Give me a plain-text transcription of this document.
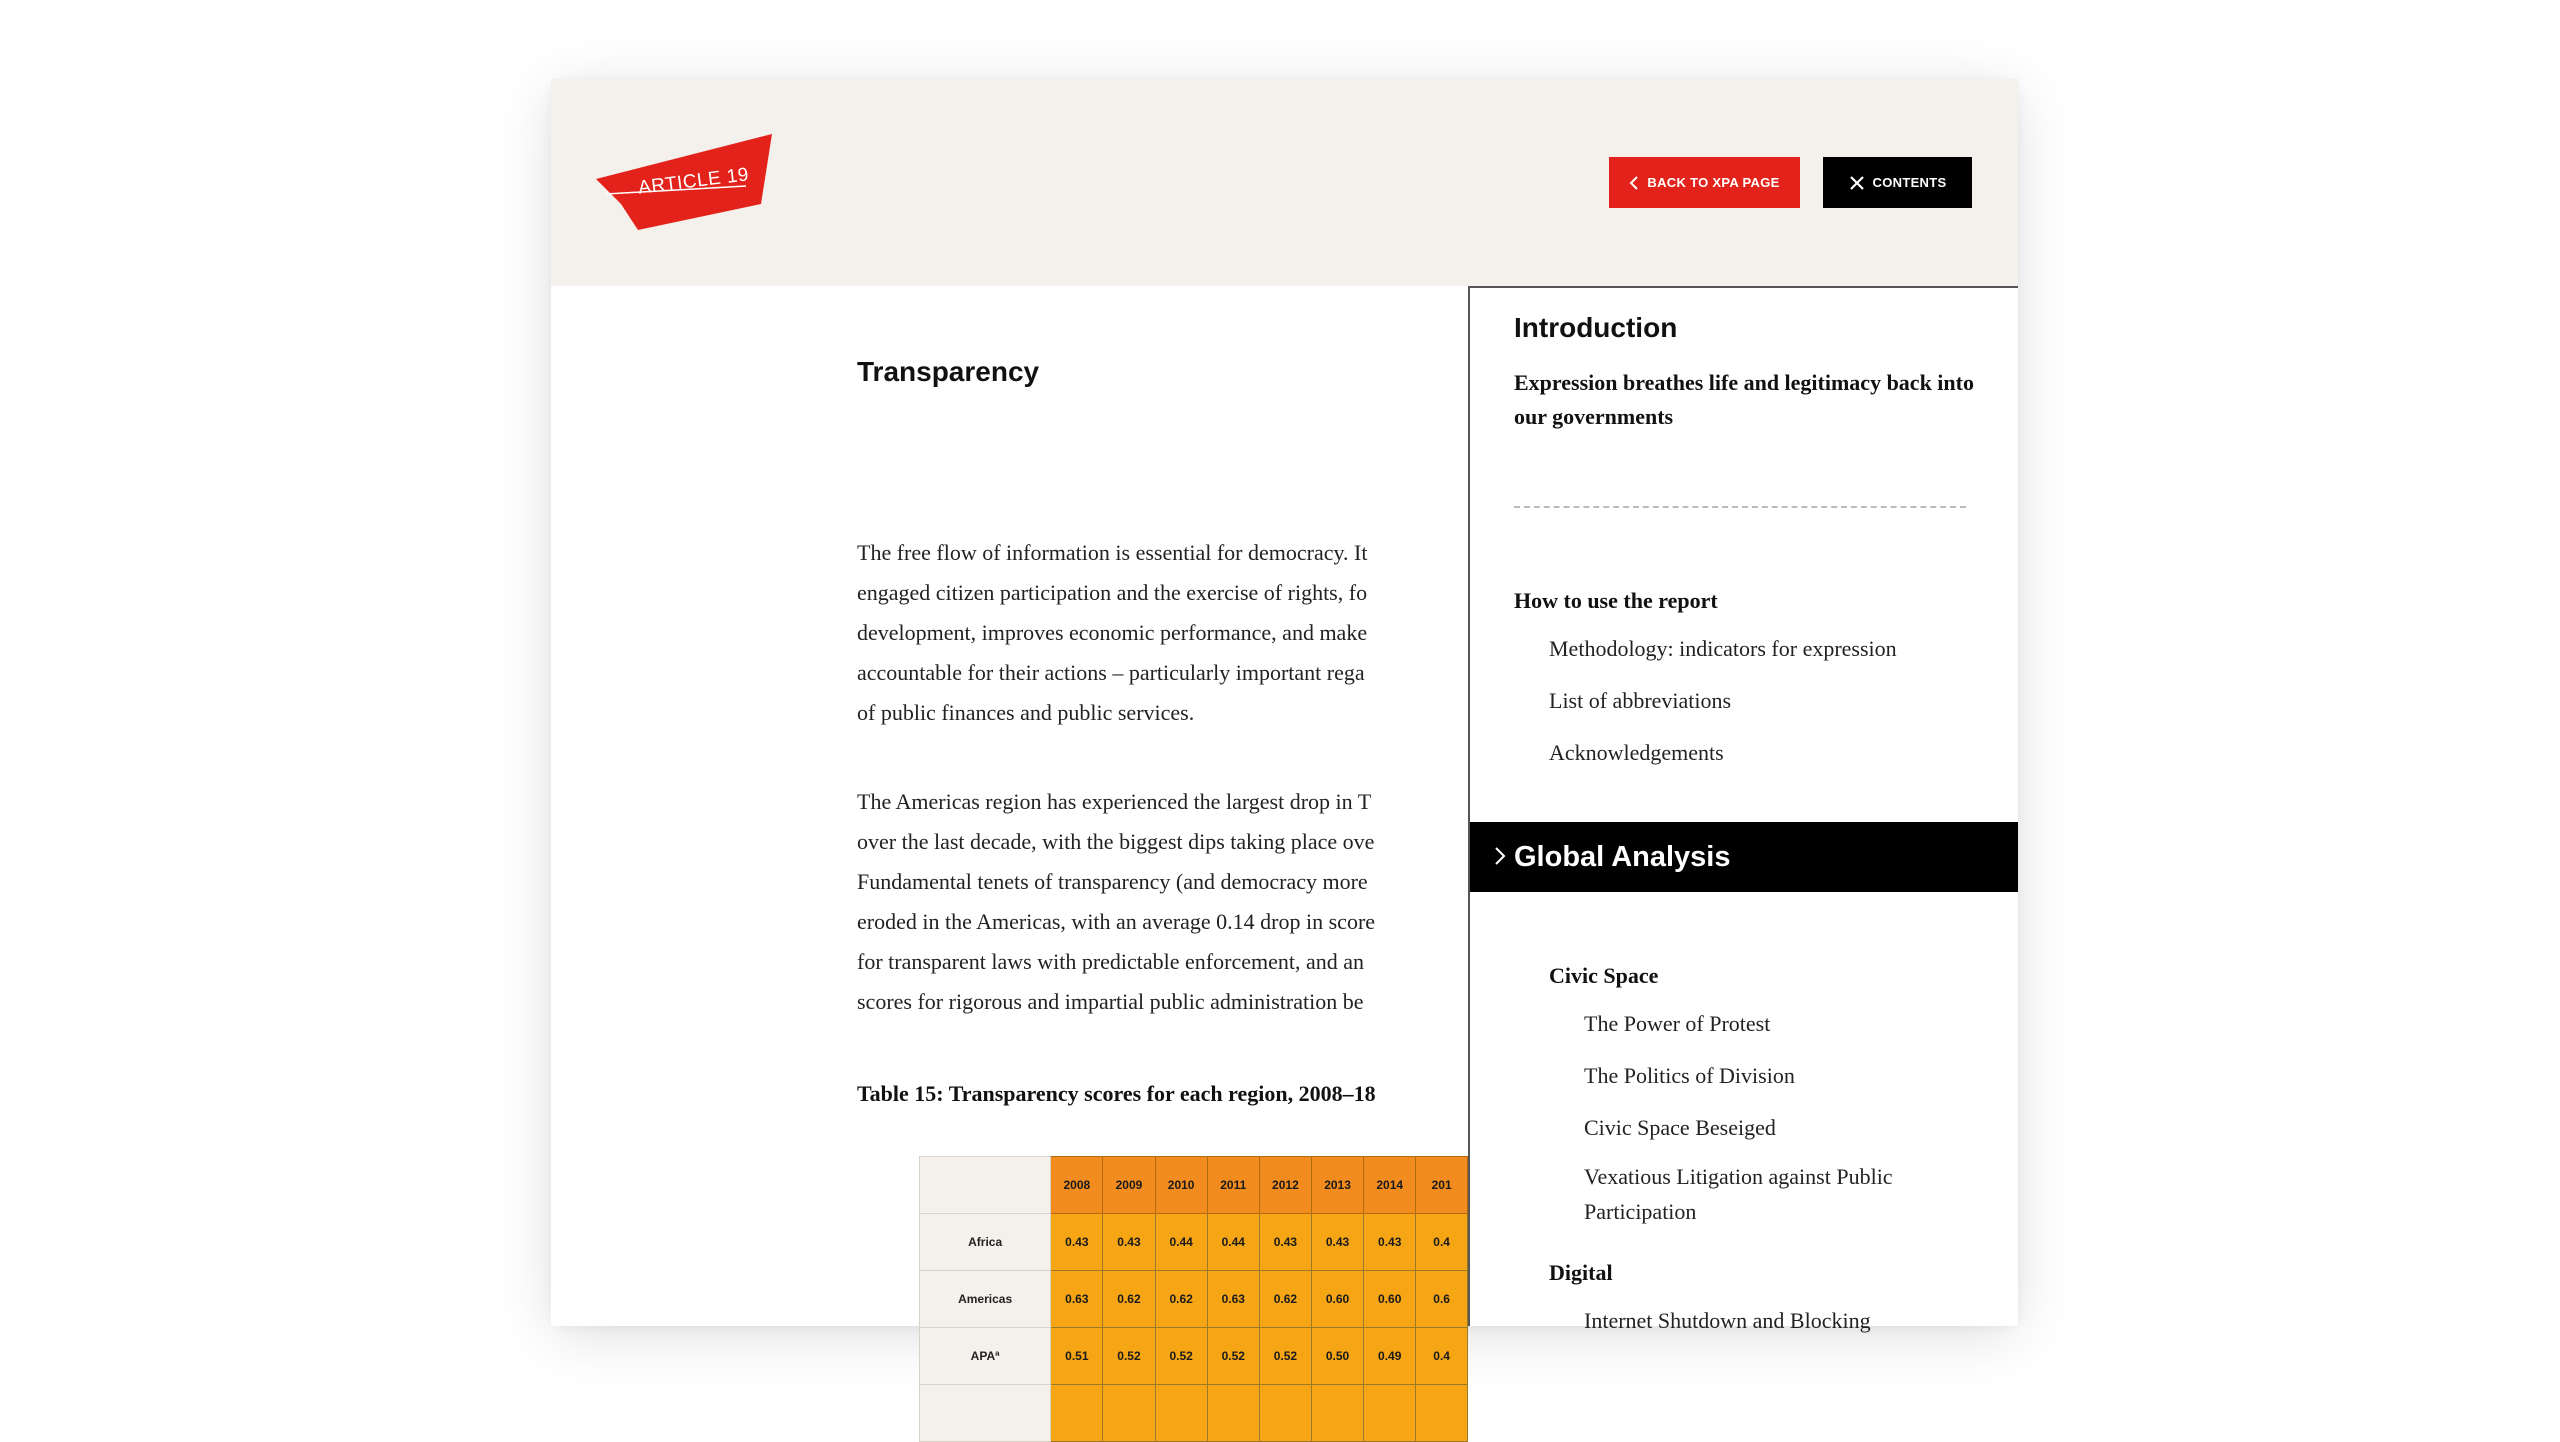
ARTICLE 19	BACK TO XPA PAGE	CONTENTS
Transparency
The free flow of information is essential for democracy. It
engaged citizen participation and the exercise of rights, fo
development, improves economic performance, and make
accountable for their actions – particularly important rega
of public finances and public services.
The Americas region has experienced the largest drop in T
over the last decade, with the biggest dips taking place ove
Fundamental tenets of transparency (and democracy more
eroded in the Americas, with an average 0.14 drop in score
for transparent laws with predictable enforcement, and an
scores for rigorous and impartial public administration be
Table 15: Transparency scores for each region, 2008–18
	2008	2009	2010	2011	2012	2013	2014	201
Africa	0.43	0.43	0.44	0.44	0.43	0.43	0.43	0.4
Americas	0.63	0.62	0.62	0.63	0.62	0.60	0.60	0.6
APAª	0.51	0.52	0.52	0.52	0.52	0.50	0.49	0.4

Introduction
Expression breathes life and legitimacy back into our governments
How to use the report
Methodology: indicators for expression
List of abbreviations
Acknowledgements
Global Analysis
Civic Space
The Power of Protest
The Politics of Division
Civic Space Beseiged
Vexatious Litigation against Public
Participation
Digital
Internet Shutdown and Blocking
